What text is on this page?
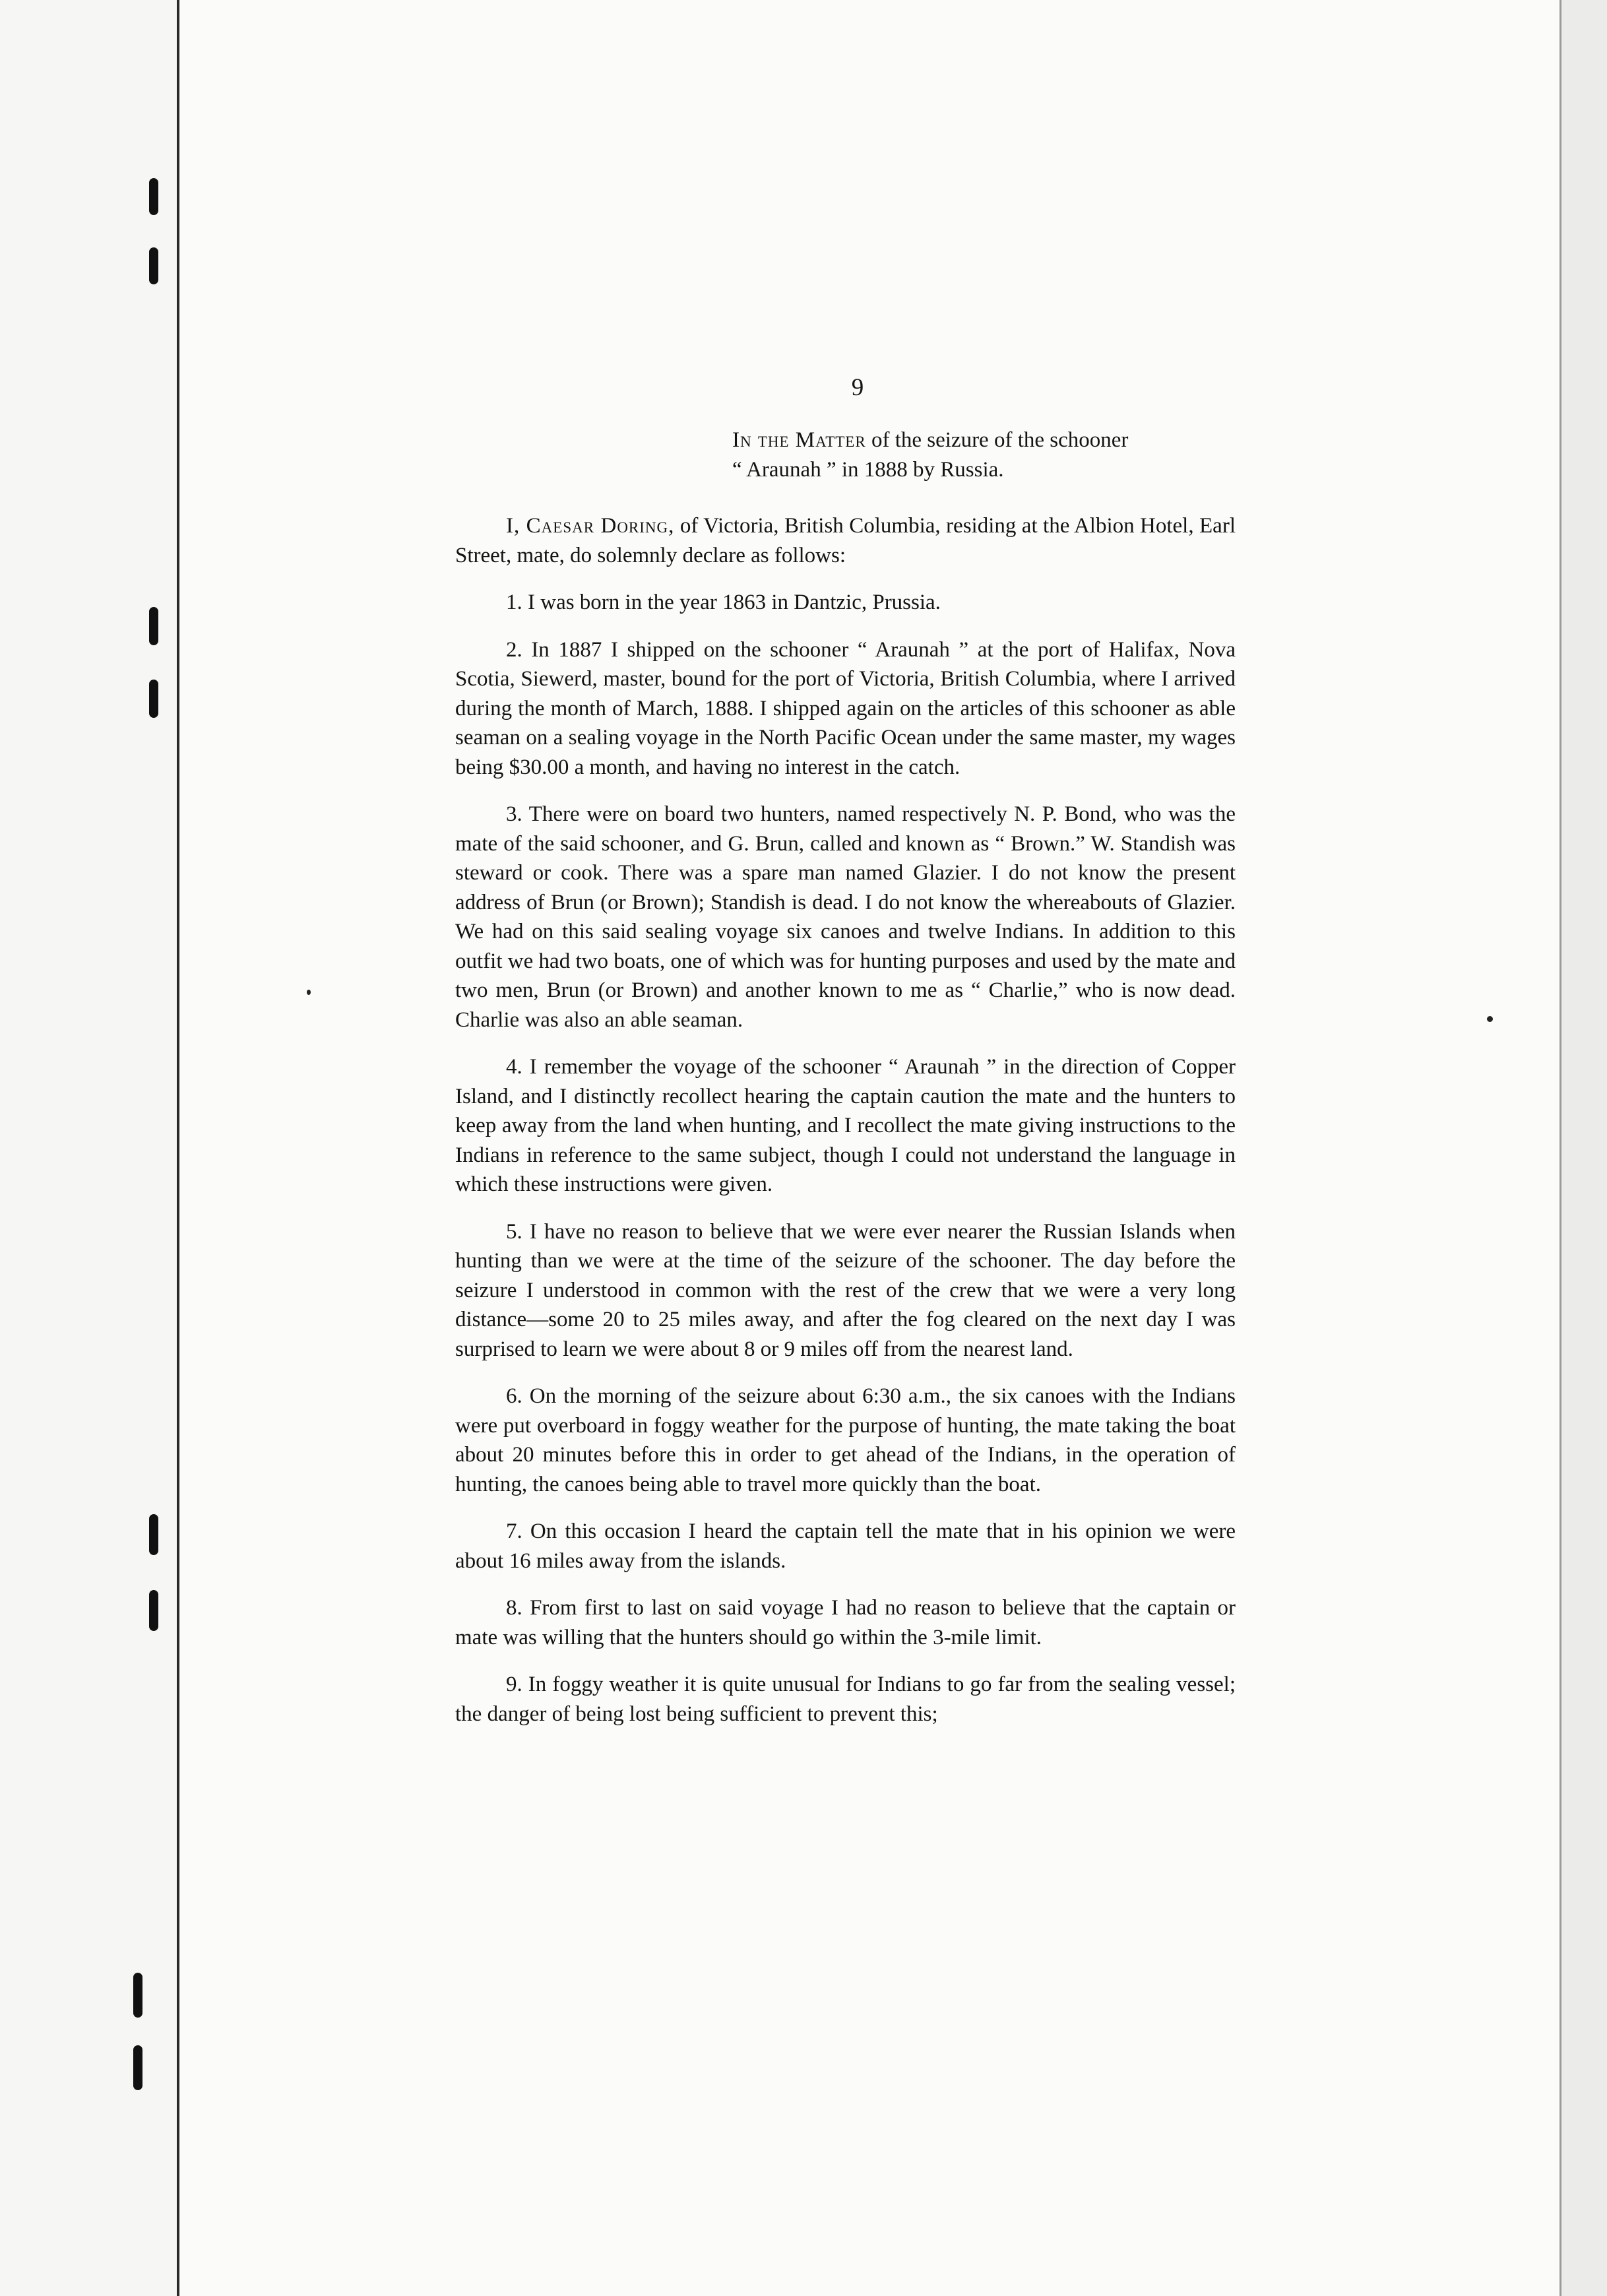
9
In the Matter of the seizure of the schooner
“ Araunah ” in 1888 by Russia.

I, Caesar Doring, of Victoria, British Columbia, residing at the Albion Hotel, Earl Street, mate, do solemnly declare as follows:

1. I was born in the year 1863 in Dantzic, Prussia.

2. In 1887 I shipped on the schooner “ Araunah ” at the port of Halifax, Nova Scotia, Siewerd, master, bound for the port of Victoria, British Columbia, where I arrived during the month of March, 1888. I shipped again on the articles of this schooner as able seaman on a sealing voyage in the North Pacific Ocean under the same master, my wages being $30.00 a month, and having no interest in the catch.

3. There were on board two hunters, named respectively N. P. Bond, who was the mate of the said schooner, and G. Brun, called and known as “ Brown.” W. Standish was steward or cook. There was a spare man named Glazier. I do not know the present address of Brun (or Brown); Standish is dead. I do not know the whereabouts of Glazier. We had on this said sealing voyage six canoes and twelve Indians. In addition to this outfit we had two boats, one of which was for hunting purposes and used by the mate and two men, Brun (or Brown) and another known to me as “ Charlie,” who is now dead. Charlie was also an able seaman.

4. I remember the voyage of the schooner “ Araunah ” in the direction of Copper Island, and I distinctly recollect hearing the captain caution the mate and the hunters to keep away from the land when hunting, and I recollect the mate giving instructions to the Indians in reference to the same subject, though I could not understand the language in which these instructions were given.

5. I have no reason to believe that we were ever nearer the Russian Islands when hunting than we were at the time of the seizure of the schooner. The day before the seizure I understood in common with the rest of the crew that we were a very long distance—some 20 to 25 miles away, and after the fog cleared on the next day I was surprised to learn we were about 8 or 9 miles off from the nearest land.

6. On the morning of the seizure about 6:30 a.m., the six canoes with the Indians were put overboard in foggy weather for the purpose of hunting, the mate taking the boat about 20 minutes before this in order to get ahead of the Indians, in the operation of hunting, the canoes being able to travel more quickly than the boat.

7. On this occasion I heard the captain tell the mate that in his opinion we were about 16 miles away from the islands.

8. From first to last on said voyage I had no reason to believe that the captain or mate was willing that the hunters should go within the 3-mile limit.

9. In foggy weather it is quite unusual for Indians to go far from the sealing vessel; the danger of being lost being sufficient to prevent this;
